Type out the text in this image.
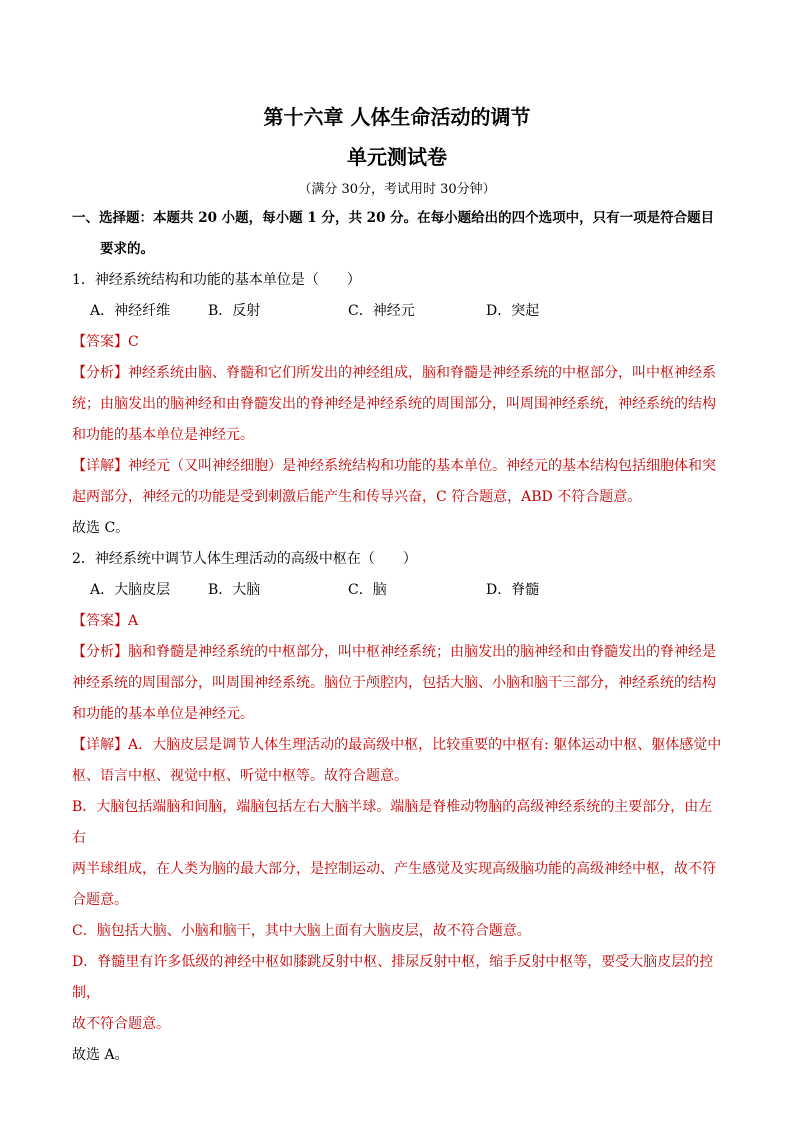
第十六章 人体生命活动的调节
单元测试卷
（满分 30分，考试用时 30分钟）
一、选择题：本题共 20 小题，每小题 1 分，共 20 分。在每小题给出的四个选项中，只有一项是符合题目
要求的。
1．神经系统结构和功能的基本单位是（　　）
A．神经纤维	B．反射	C．神经元	D．突起
【答案】C
【分析】神经系统由脑、脊髓和它们所发出的神经组成，脑和脊髓是神经系统的中枢部分，叫中枢神经系
统；由脑发出的脑神经和由脊髓发出的脊神经是神经系统的周围部分，叫周围神经系统，神经系统的结构
和功能的基本单位是神经元。
【详解】神经元（又叫神经细胞）是神经系统结构和功能的基本单位。神经元的基本结构包括细胞体和突
起两部分，神经元的功能是受到刺激后能产生和传导兴奋，C 符合题意，ABD 不符合题意。
故选 C。
2．神经系统中调节人体生理活动的高级中枢在（　　）
A．大脑皮层	B．大脑	C．脑	D．脊髓
【答案】A
【分析】脑和脊髓是神经系统的中枢部分，叫中枢神经系统；由脑发出的脑神经和由脊髓发出的脊神经是
神经系统的周围部分，叫周围神经系统。脑位于颅腔内，包括大脑、小脑和脑干三部分，神经系统的结构
和功能的基本单位是神经元。
【详解】A．大脑皮层是调节人体生理活动的最高级中枢，比较重要的中枢有: 躯体运动中枢、躯体感觉中
枢、语言中枢、视觉中枢、听觉中枢等。故符合题意。
B．大脑包括端脑和间脑，端脑包括左右大脑半球。端脑是脊椎动物脑的高级神经系统的主要部分，由左右
两半球组成，在人类为脑的最大部分，是控制运动、产生感觉及实现高级脑功能的高级神经中枢，故不符
合题意。
C．脑包括大脑、小脑和脑干，其中大脑上面有大脑皮层，故不符合题意。
D．脊髓里有许多低级的神经中枢如膝跳反射中枢、排尿反射中枢，缩手反射中枢等，要受大脑皮层的控制，
故不符合题意。
故选 A。
